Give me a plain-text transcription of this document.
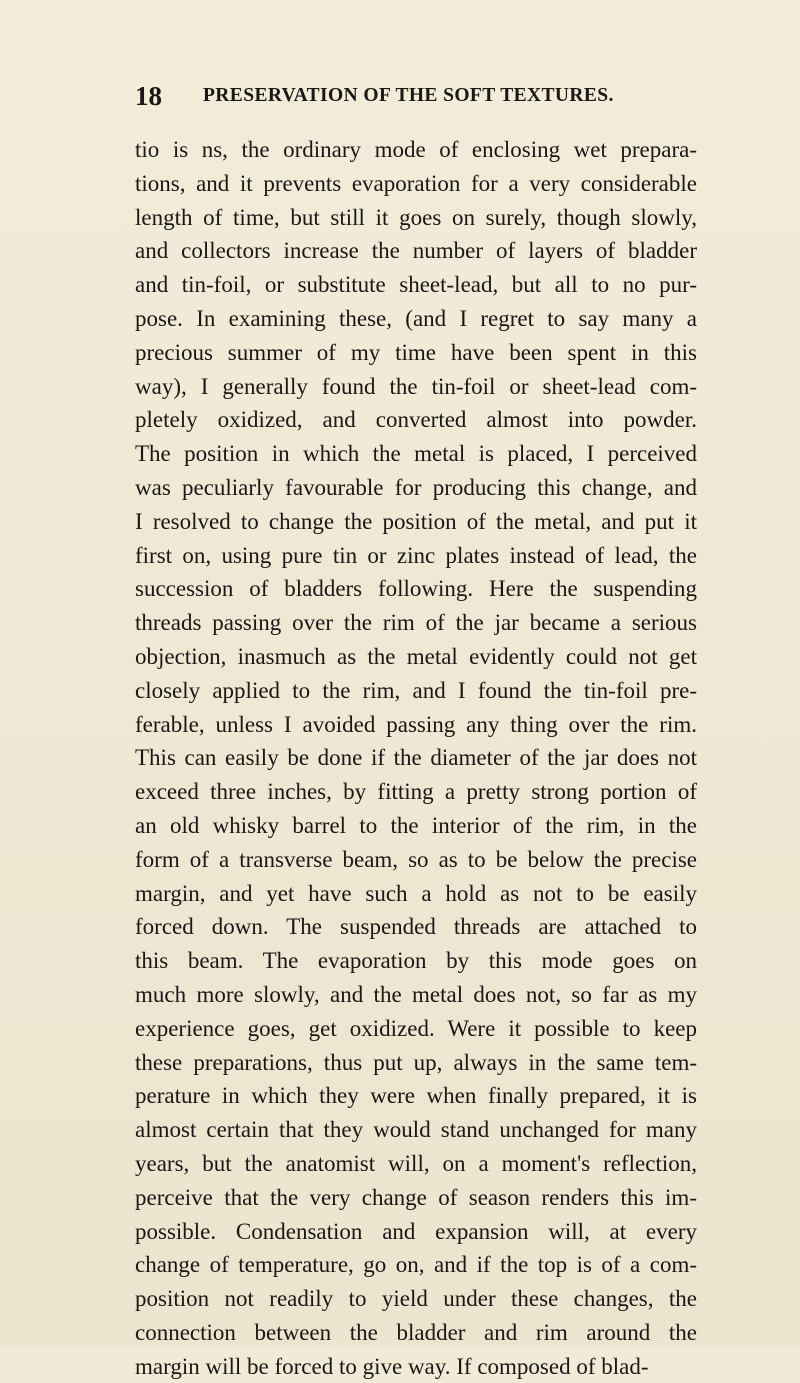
18 PRESERVATION OF THE SOFT TEXTURES.
tio is ns, the ordinary mode of enclosing wet prepara-
tions, and it prevents evaporation for a very considerable
length of time, but still it goes on surely, though slowly,
and collectors increase the number of layers of bladder
and tin-foil, or substitute sheet-lead, but all to no pur-
pose. In examining these, (and I regret to say many a
precious summer of my time have been spent in this
way), I generally found the tin-foil or sheet-lead com-
pletely oxidized, and converted almost into powder.
The position in which the metal is placed, I perceived
was peculiarly favourable for producing this change, and
I resolved to change the position of the metal, and put it
first on, using pure tin or zinc plates instead of lead, the
succession of bladders following. Here the suspending
threads passing over the rim of the jar became a serious
objection, inasmuch as the metal evidently could not get
closely applied to the rim, and I found the tin-foil pre-
ferable, unless I avoided passing any thing over the rim.
This can easily be done if the diameter of the jar does not
exceed three inches, by fitting a pretty strong portion of
an old whisky barrel to the interior of the rim, in the
form of a transverse beam, so as to be below the precise
margin, and yet have such a hold as not to be easily
forced down. The suspended threads are attached to
this beam. The evaporation by this mode goes on
much more slowly, and the metal does not, so far as my
experience goes, get oxidized. Were it possible to keep
these preparations, thus put up, always in the same tem-
perature in which they were when finally prepared, it is
almost certain that they would stand unchanged for many
years, but the anatomist will, on a moment's reflection,
perceive that the very change of season renders this im-
possible. Condensation and expansion will, at every
change of temperature, go on, and if the top is of a com-
position not readily to yield under these changes, the
connection between the bladder and rim around the
margin will be forced to give way. If composed of blad-
